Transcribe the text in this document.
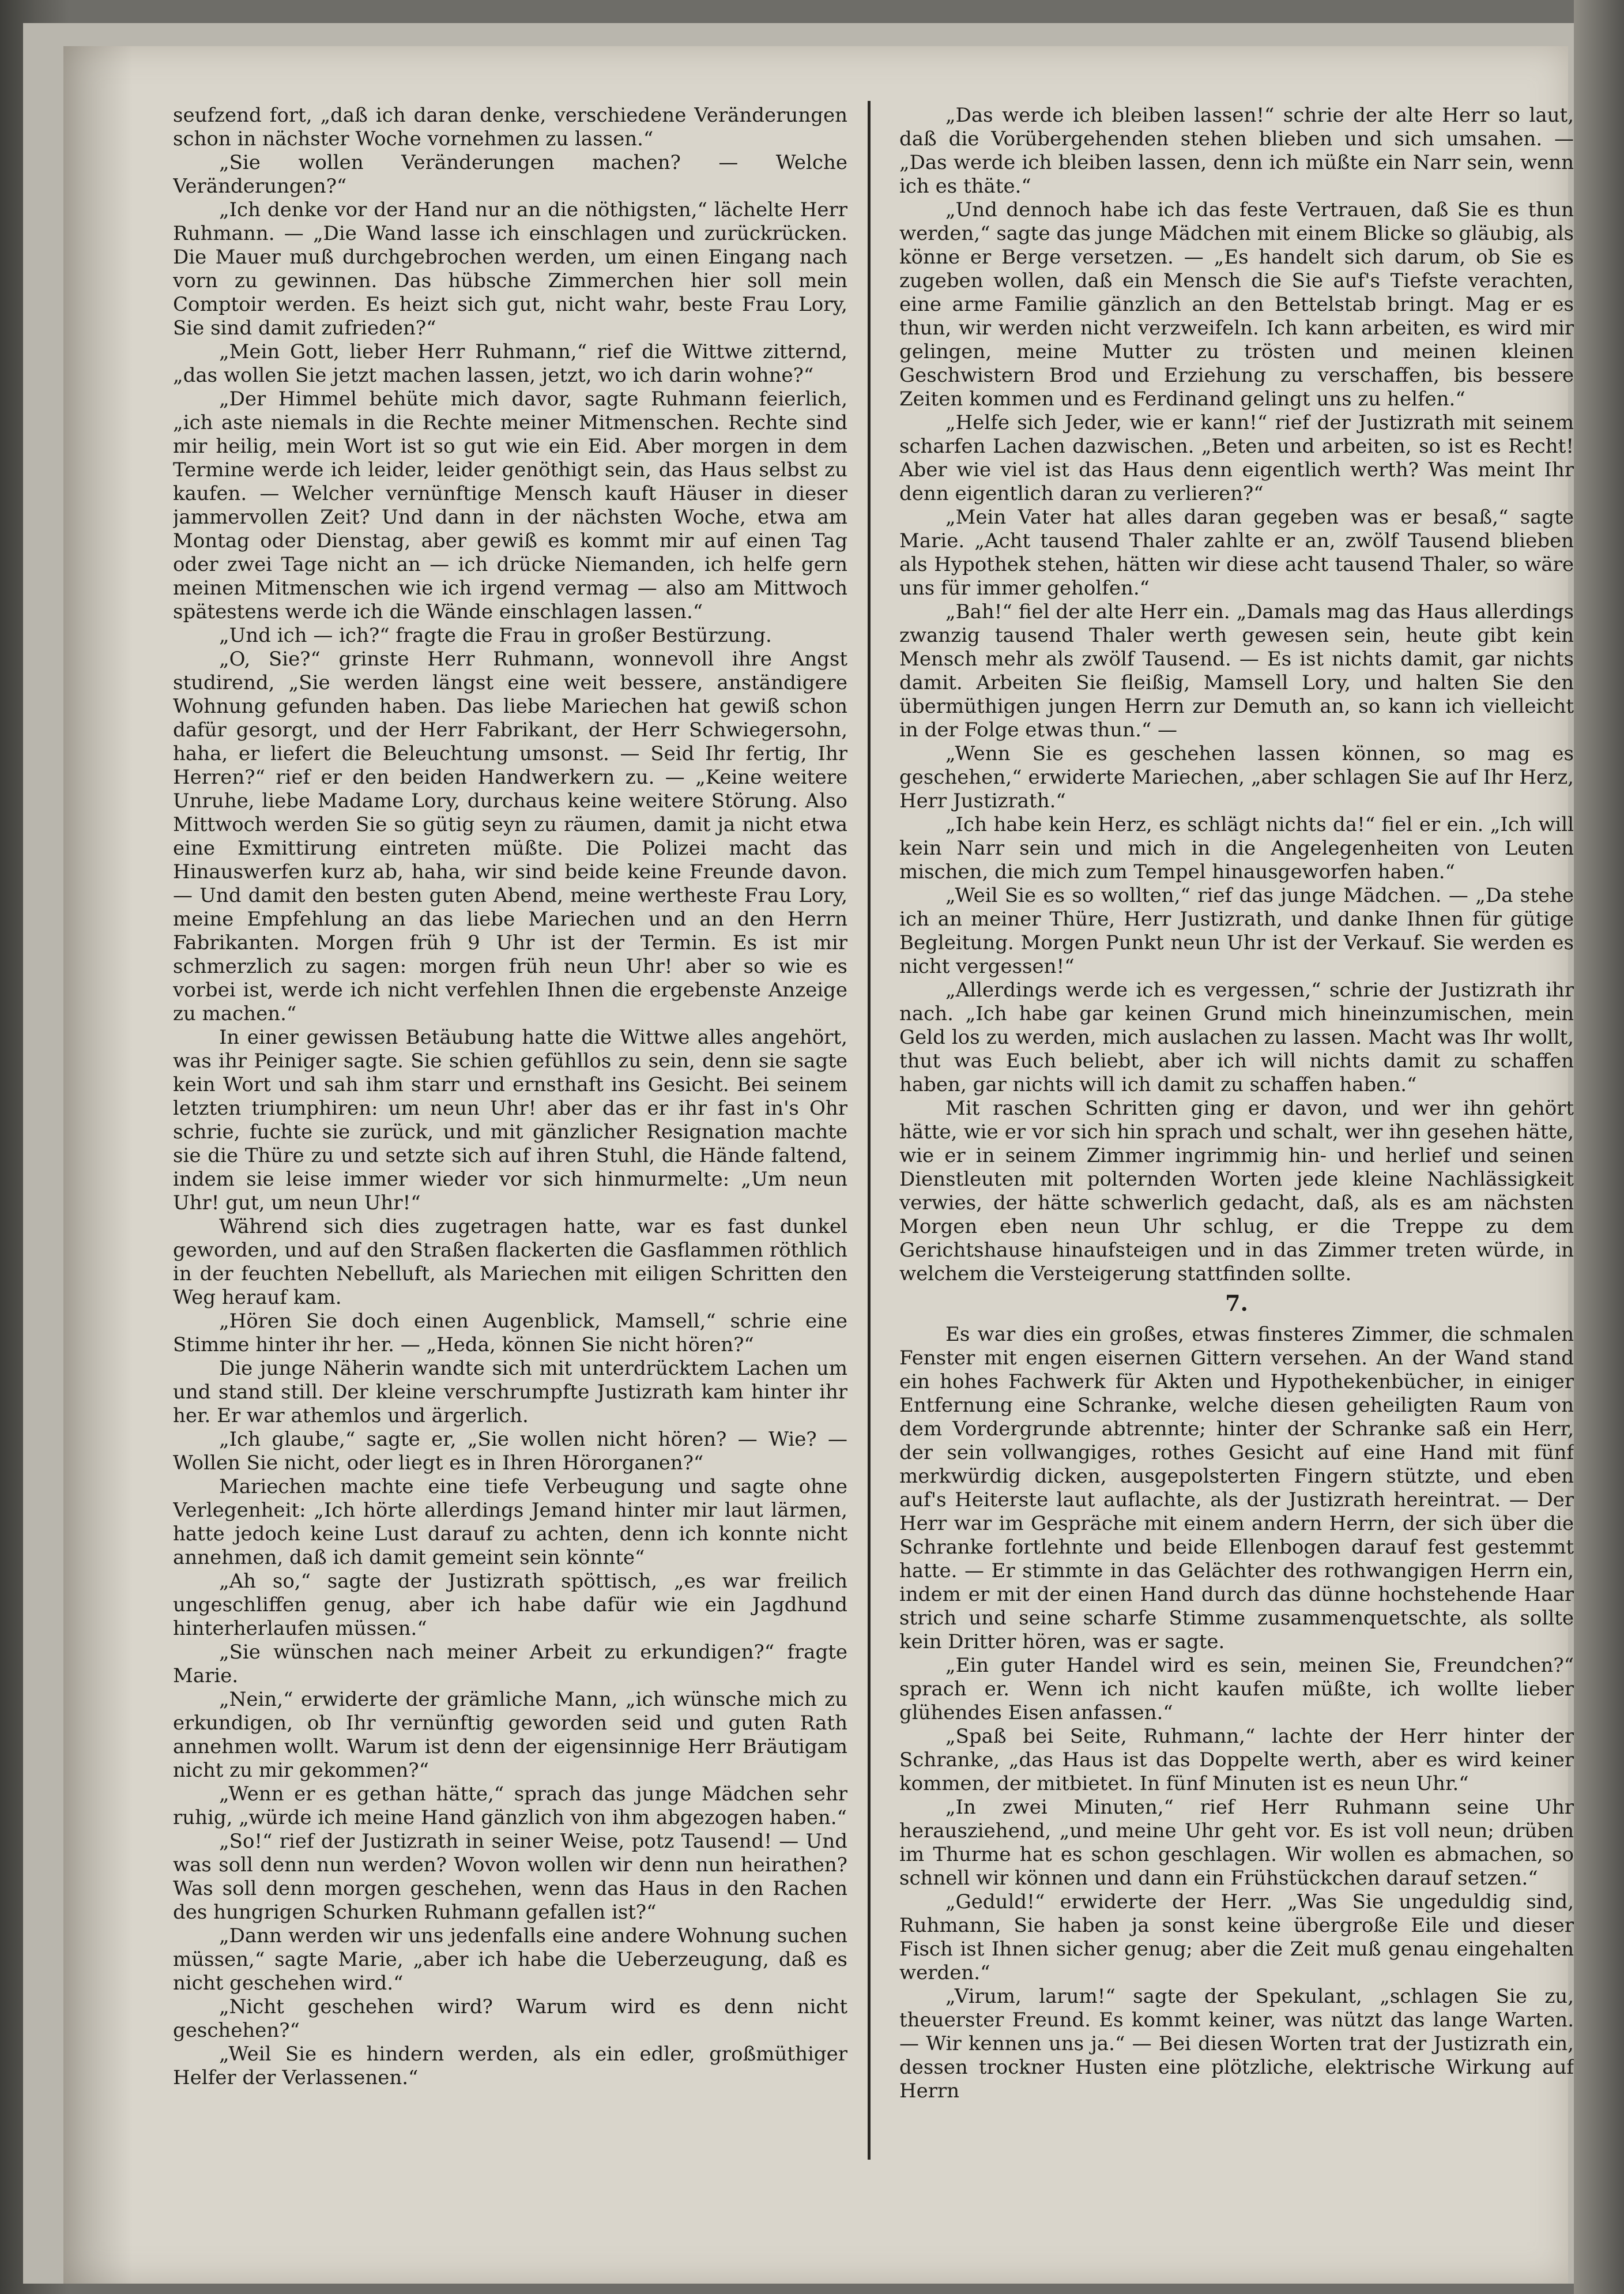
seufzend fort, „daß ich daran denke, verschiedene Veränderungen schon in nächster Woche vornehmen zu lassen.“

„Sie wollen Veränderungen machen? — Welche Veränderungen?“

„Ich denke vor der Hand nur an die nöthigsten,“ lächelte Herr Ruhmann. — „Die Wand lasse ich einschlagen und zurückrücken. Die Mauer muß durchgebrochen werden, um einen Eingang nach vorn zu gewinnen. Das hübsche Zimmerchen hier soll mein Comptoir werden. Es heizt sich gut, nicht wahr, beste Frau Lory, Sie sind damit zufrieden?“

„Mein Gott, lieber Herr Ruhmann,“ rief die Wittwe zitternd, „das wollen Sie jetzt machen lassen, jetzt, wo ich darin wohne?“

„Der Himmel behüte mich davor, sagte Ruhmann feierlich, „ich aste niemals in die Rechte meiner Mitmenschen. Rechte sind mir heilig, mein Wort ist so gut wie ein Eid. Aber morgen in dem Termine werde ich leider, leider genöthigt sein, das Haus selbst zu kaufen. — Welcher vernünftige Mensch kauft Häuser in dieser jammervollen Zeit? Und dann in der nächsten Woche, etwa am Montag oder Dienstag, aber gewiß es kommt mir auf einen Tag oder zwei Tage nicht an — ich drücke Niemanden, ich helfe gern meinen Mitmenschen wie ich irgend vermag — also am Mittwoch spätestens werde ich die Wände einschlagen lassen.“

„Und ich — ich?“ fragte die Frau in großer Bestürzung.

„O, Sie?“ grinste Herr Ruhmann, wonnevoll ihre Angst studirend, „Sie werden längst eine weit bessere, anständigere Wohnung gefunden haben. Das liebe Mariechen hat gewiß schon dafür gesorgt, und der Herr Fabrikant, der Herr Schwiegersohn, haha, er liefert die Beleuchtung umsonst. — Seid Ihr fertig, Ihr Herren?“ rief er den beiden Handwerkern zu. — „Keine weitere Unruhe, liebe Madame Lory, durchaus keine weitere Störung. Also Mittwoch werden Sie so gütig seyn zu räumen, damit ja nicht etwa eine Exmittirung eintreten müßte. Die Polizei macht das Hinauswerfen kurz ab, haha, wir sind beide keine Freunde davon. — Und damit den besten guten Abend, meine wertheste Frau Lory, meine Empfehlung an das liebe Mariechen und an den Herrn Fabrikanten. Morgen früh 9 Uhr ist der Termin. Es ist mir schmerzlich zu sagen: morgen früh neun Uhr! aber so wie es vorbei ist, werde ich nicht verfehlen Ihnen die ergebenste Anzeige zu machen.“

In einer gewissen Betäubung hatte die Wittwe alles angehört, was ihr Peiniger sagte. Sie schien gefühllos zu sein, denn sie sagte kein Wort und sah ihm starr und ernsthaft ins Gesicht. Bei seinem letzten triumphiren: um neun Uhr! aber das er ihr fast in's Ohr schrie, fuchte sie zurück, und mit gänzlicher Resignation machte sie die Thüre zu und setzte sich auf ihren Stuhl, die Hände faltend, indem sie leise immer wieder vor sich hinmurmelte: „Um neun Uhr! gut, um neun Uhr!“

Während sich dies zugetragen hatte, war es fast dunkel geworden, und auf den Straßen flackerten die Gasflammen röthlich in der feuchten Nebelluft, als Mariechen mit eiligen Schritten den Weg herauf kam.

„Hören Sie doch einen Augenblick, Mamsell,“ schrie eine Stimme hinter ihr her. — „Heda, können Sie nicht hören?“

Die junge Näherin wandte sich mit unterdrücktem Lachen um und stand still. Der kleine verschrumpfte Justizrath kam hinter ihr her. Er war athemlos und ärgerlich.

„Ich glaube,“ sagte er, „Sie wollen nicht hören? — Wie? — Wollen Sie nicht, oder liegt es in Ihren Hörorganen?“

Mariechen machte eine tiefe Verbeugung und sagte ohne Verlegenheit: „Ich hörte allerdings Jemand hinter mir laut lärmen, hatte jedoch keine Lust darauf zu achten, denn ich konnte nicht annehmen, daß ich damit gemeint sein könnte“

„Ah so,“ sagte der Justizrath spöttisch, „es war freilich ungeschliffen genug, aber ich habe dafür wie ein Jagdhund hinterherlaufen müssen.“

„Sie wünschen nach meiner Arbeit zu erkundigen?“ fragte Marie.

„Nein,“ erwiderte der grämliche Mann, „ich wünsche mich zu erkundigen, ob Ihr vernünftig geworden seid und guten Rath annehmen wollt. Warum ist denn der eigensinnige Herr Bräutigam nicht zu mir gekommen?“

„Wenn er es gethan hätte,“ sprach das junge Mädchen sehr ruhig, „würde ich meine Hand gänzlich von ihm abgezogen haben.“

„So!“ rief der Justizrath in seiner Weise, potz Tausend! — Und was soll denn nun werden? Wovon wollen wir denn nun heirathen? Was soll denn morgen geschehen, wenn das Haus in den Rachen des hungrigen Schurken Ruhmann gefallen ist?“

„Dann werden wir uns jedenfalls eine andere Wohnung suchen müssen,“ sagte Marie, „aber ich habe die Ueberzeugung, daß es nicht geschehen wird.“

„Nicht geschehen wird? Warum wird es denn nicht geschehen?“

„Weil Sie es hindern werden, als ein edler, großmüthiger Helfer der Verlassenen.“

„Das werde ich bleiben lassen!“ schrie der alte Herr so laut, daß die Vorübergehenden stehen blieben und sich umsahen. — „Das werde ich bleiben lassen, denn ich müßte ein Narr sein, wenn ich es thäte.“

„Und dennoch habe ich das feste Vertrauen, daß Sie es thun werden,“ sagte das junge Mädchen mit einem Blicke so gläubig, als könne er Berge versetzen. — „Es handelt sich darum, ob Sie es zugeben wollen, daß ein Mensch die Sie auf's Tiefste verachten, eine arme Familie gänzlich an den Bettelstab bringt. Mag er es thun, wir werden nicht verzweifeln. Ich kann arbeiten, es wird mir gelingen, meine Mutter zu trösten und meinen kleinen Geschwistern Brod und Erziehung zu verschaffen, bis bessere Zeiten kommen und es Ferdinand gelingt uns zu helfen.“

„Helfe sich Jeder, wie er kann!“ rief der Justizrath mit seinem scharfen Lachen dazwischen. „Beten und arbeiten, so ist es Recht! Aber wie viel ist das Haus denn eigentlich werth? Was meint Ihr denn eigentlich daran zu verlieren?“

„Mein Vater hat alles daran gegeben was er besaß,“ sagte Marie. „Acht tausend Thaler zahlte er an, zwölf Tausend blieben als Hypothek stehen, hätten wir diese acht tausend Thaler, so wäre uns für immer geholfen.“

„Bah!“ fiel der alte Herr ein. „Damals mag das Haus allerdings zwanzig tausend Thaler werth gewesen sein, heute gibt kein Mensch mehr als zwölf Tausend. — Es ist nichts damit, gar nichts damit. Arbeiten Sie fleißig, Mamsell Lory, und halten Sie den übermüthigen jungen Herrn zur Demuth an, so kann ich vielleicht in der Folge etwas thun.“ —

„Wenn Sie es geschehen lassen können, so mag es geschehen,“ erwiderte Mariechen, „aber schlagen Sie auf Ihr Herz, Herr Justizrath.“

„Ich habe kein Herz, es schlägt nichts da!“ fiel er ein. „Ich will kein Narr sein und mich in die Angelegenheiten von Leuten mischen, die mich zum Tempel hinausgeworfen haben.“

„Weil Sie es so wollten,“ rief das junge Mädchen. — „Da stehe ich an meiner Thüre, Herr Justizrath, und danke Ihnen für gütige Begleitung. Morgen Punkt neun Uhr ist der Verkauf. Sie werden es nicht vergessen!“

„Allerdings werde ich es vergessen,“ schrie der Justizrath ihr nach. „Ich habe gar keinen Grund mich hineinzumischen, mein Geld los zu werden, mich auslachen zu lassen. Macht was Ihr wollt, thut was Euch beliebt, aber ich will nichts damit zu schaffen haben, gar nichts will ich damit zu schaffen haben.“

Mit raschen Schritten ging er davon, und wer ihn gehört hätte, wie er vor sich hin sprach und schalt, wer ihn gesehen hätte, wie er in seinem Zimmer ingrimmig hin- und herlief und seinen Dienstleuten mit polternden Worten jede kleine Nachlässigkeit verwies, der hätte schwerlich gedacht, daß, als es am nächsten Morgen eben neun Uhr schlug, er die Treppe zu dem Gerichtshause hinaufsteigen und in das Zimmer treten würde, in welchem die Versteigerung stattfinden sollte.

7.

Es war dies ein großes, etwas finsteres Zimmer, die schmalen Fenster mit engen eisernen Gittern versehen. An der Wand stand ein hohes Fachwerk für Akten und Hypothekenbücher, in einiger Entfernung eine Schranke, welche diesen geheiligten Raum von dem Vordergrunde abtrennte; hinter der Schranke saß ein Herr, der sein vollwangiges, rothes Gesicht auf eine Hand mit fünf merkwürdig dicken, ausgepolsterten Fingern stützte, und eben auf's Heiterste laut auflachte, als der Justizrath hereintrat. — Der Herr war im Gespräche mit einem andern Herrn, der sich über die Schranke fortlehnte und beide Ellenbogen darauf fest gestemmt hatte. — Er stimmte in das Gelächter des rothwangigen Herrn ein, indem er mit der einen Hand durch das dünne hochstehende Haar strich und seine scharfe Stimme zusammenquetschte, als sollte kein Dritter hören, was er sagte.

„Ein guter Handel wird es sein, meinen Sie, Freundchen?“ sprach er. Wenn ich nicht kaufen müßte, ich wollte lieber glühendes Eisen anfassen.“

„Spaß bei Seite, Ruhmann,“ lachte der Herr hinter der Schranke, „das Haus ist das Doppelte werth, aber es wird keiner kommen, der mitbietet. In fünf Minuten ist es neun Uhr.“

„In zwei Minuten,“ rief Herr Ruhmann seine Uhr herausziehend, „und meine Uhr geht vor. Es ist voll neun; drüben im Thurme hat es schon geschlagen. Wir wollen es abmachen, so schnell wir können und dann ein Frühstückchen darauf setzen.“

„Geduld!“ erwiderte der Herr. „Was Sie ungeduldig sind, Ruhmann, Sie haben ja sonst keine übergroße Eile und dieser Fisch ist Ihnen sicher genug; aber die Zeit muß genau eingehalten werden.“

„Virum, larum!“ sagte der Spekulant, „schlagen Sie zu, theuerster Freund. Es kommt keiner, was nützt das lange Warten. — Wir kennen uns ja.“ — Bei diesen Worten trat der Justizrath ein, dessen trockner Husten eine plötzliche, elektrische Wirkung auf Herrn
